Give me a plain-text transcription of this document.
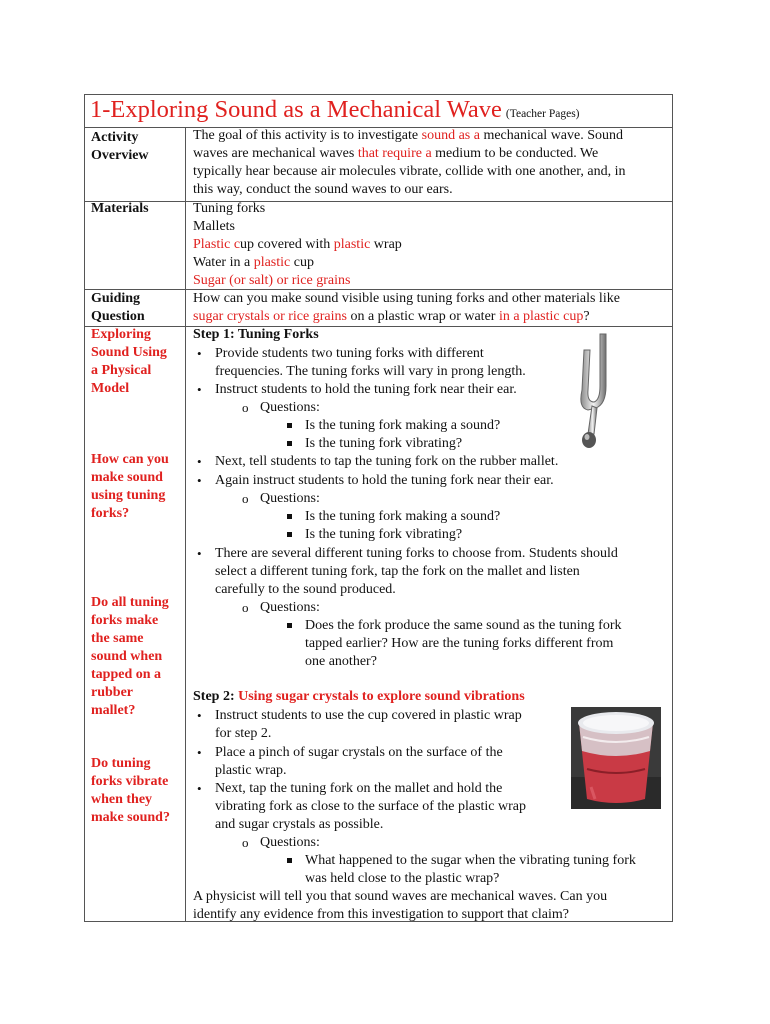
1-Exploring Sound as a Mechanical Wave (Teacher Pages)
Activity
Overview
The goal of this activity is to investigate sound as a mechanical wave. Sound
waves are mechanical waves that require a medium to be conducted. We
typically hear because air molecules vibrate, collide with one another, and, in
this way, conduct the sound waves to our ears.
Materials	Tuning forks
Mallets
Plastic cup covered with plastic wrap
Water in a plastic cup
Sugar (or salt) or rice grains
Guiding
Question
How can you make sound visible using tuning forks and other materials like
sugar crystals or rice grains on a plastic wrap or water in a plastic cup?
Exploring
Sound Using
a Physical
Model
How can you
make sound
using tuning
forks?
Do all tuning
forks make
the same
sound when
tapped on a
rubber
mallet?
Do tuning
forks vibrate
when they
make sound?
Step 1: Tuning Forks
• Provide students two tuning forks with different
frequencies. The tuning forks will vary in prong length.
• Instruct students to hold the tuning fork near their ear.
o Questions:
Is the tuning fork making a sound?
Is the tuning fork vibrating?
• Next, tell students to tap the tuning fork on the rubber mallet.
• Again instruct students to hold the tuning fork near their ear.
o Questions:
Is the tuning fork making a sound?
Is the tuning fork vibrating?
• There are several different tuning forks to choose from. Students should
select a different tuning fork, tap the fork on the mallet and listen
carefully to the sound produced.
o Questions:
Does the fork produce the same sound as the tuning fork
tapped earlier? How are the tuning forks different from
one another?
Step 2: Using sugar crystals to explore sound vibrations
• Instruct students to use the cup covered in plastic wrap
for step 2.
• Place a pinch of sugar crystals on the surface of the
plastic wrap.
• Next, tap the tuning fork on the mallet and hold the
vibrating fork as close to the surface of the plastic wrap
and sugar crystals as possible.
o Questions:
What happened to the sugar when the vibrating tuning fork
was held close to the plastic wrap?
A physicist will tell you that sound waves are mechanical waves. Can you
identify any evidence from this investigation to support that claim?
